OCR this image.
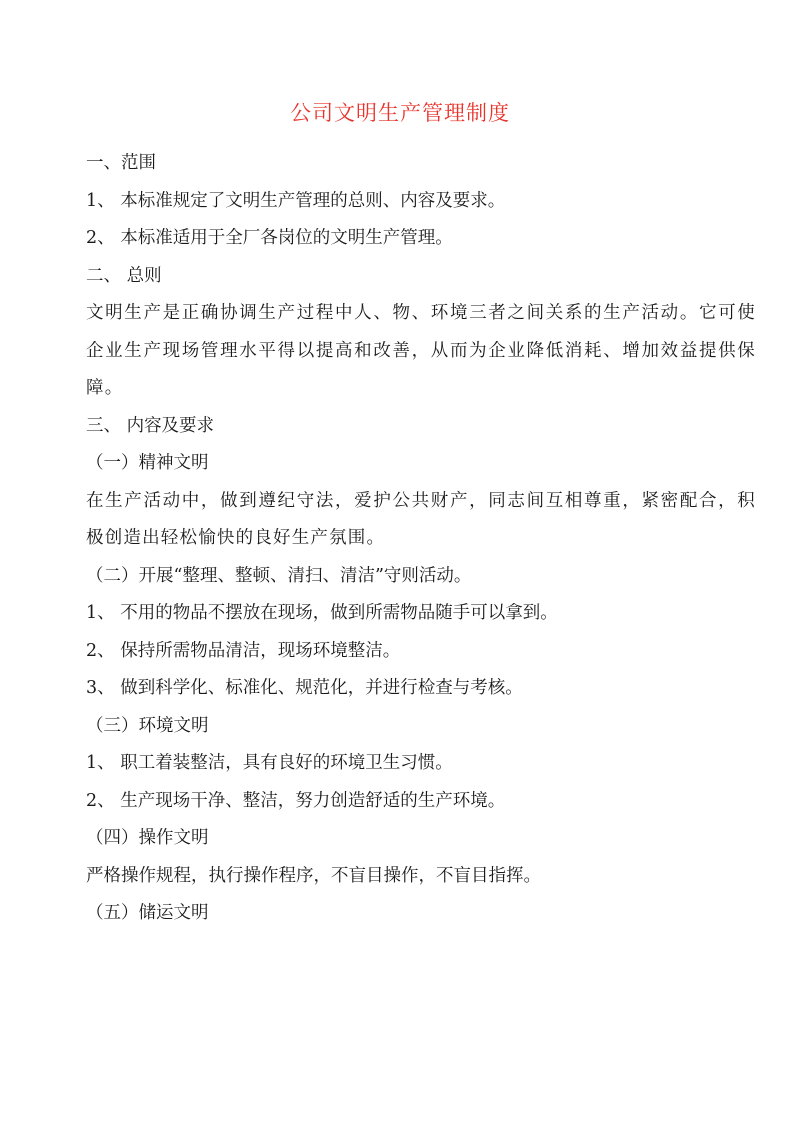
公司文明生产管理制度
一、范围
1、 本标准规定了文明生产管理的总则、内容及要求。
2、 本标准适用于全厂各岗位的文明生产管理。
二、 总则
文明生产是正确协调生产过程中人、物、环境三者之间关系的生产活动。它可使企业生产现场管理水平得以提高和改善，从而为企业降低消耗、增加效益提供保障。
三、 内容及要求
（一）精神文明
在生产活动中，做到遵纪守法，爱护公共财产，同志间互相尊重，紧密配合，积极创造出轻松愉快的良好生产氛围。
（二）开展“整理、整顿、清扫、清洁”守则活动。
1、 不用的物品不摆放在现场，做到所需物品随手可以拿到。
2、 保持所需物品清洁，现场环境整洁。
3、 做到科学化、标准化、规范化，并进行检查与考核。
（三）环境文明
1、 职工着装整洁，具有良好的环境卫生习惯。
2、 生产现场干净、整洁，努力创造舒适的生产环境。
（四）操作文明
严格操作规程，执行操作程序，不盲目操作，不盲目指挥。
（五）储运文明
